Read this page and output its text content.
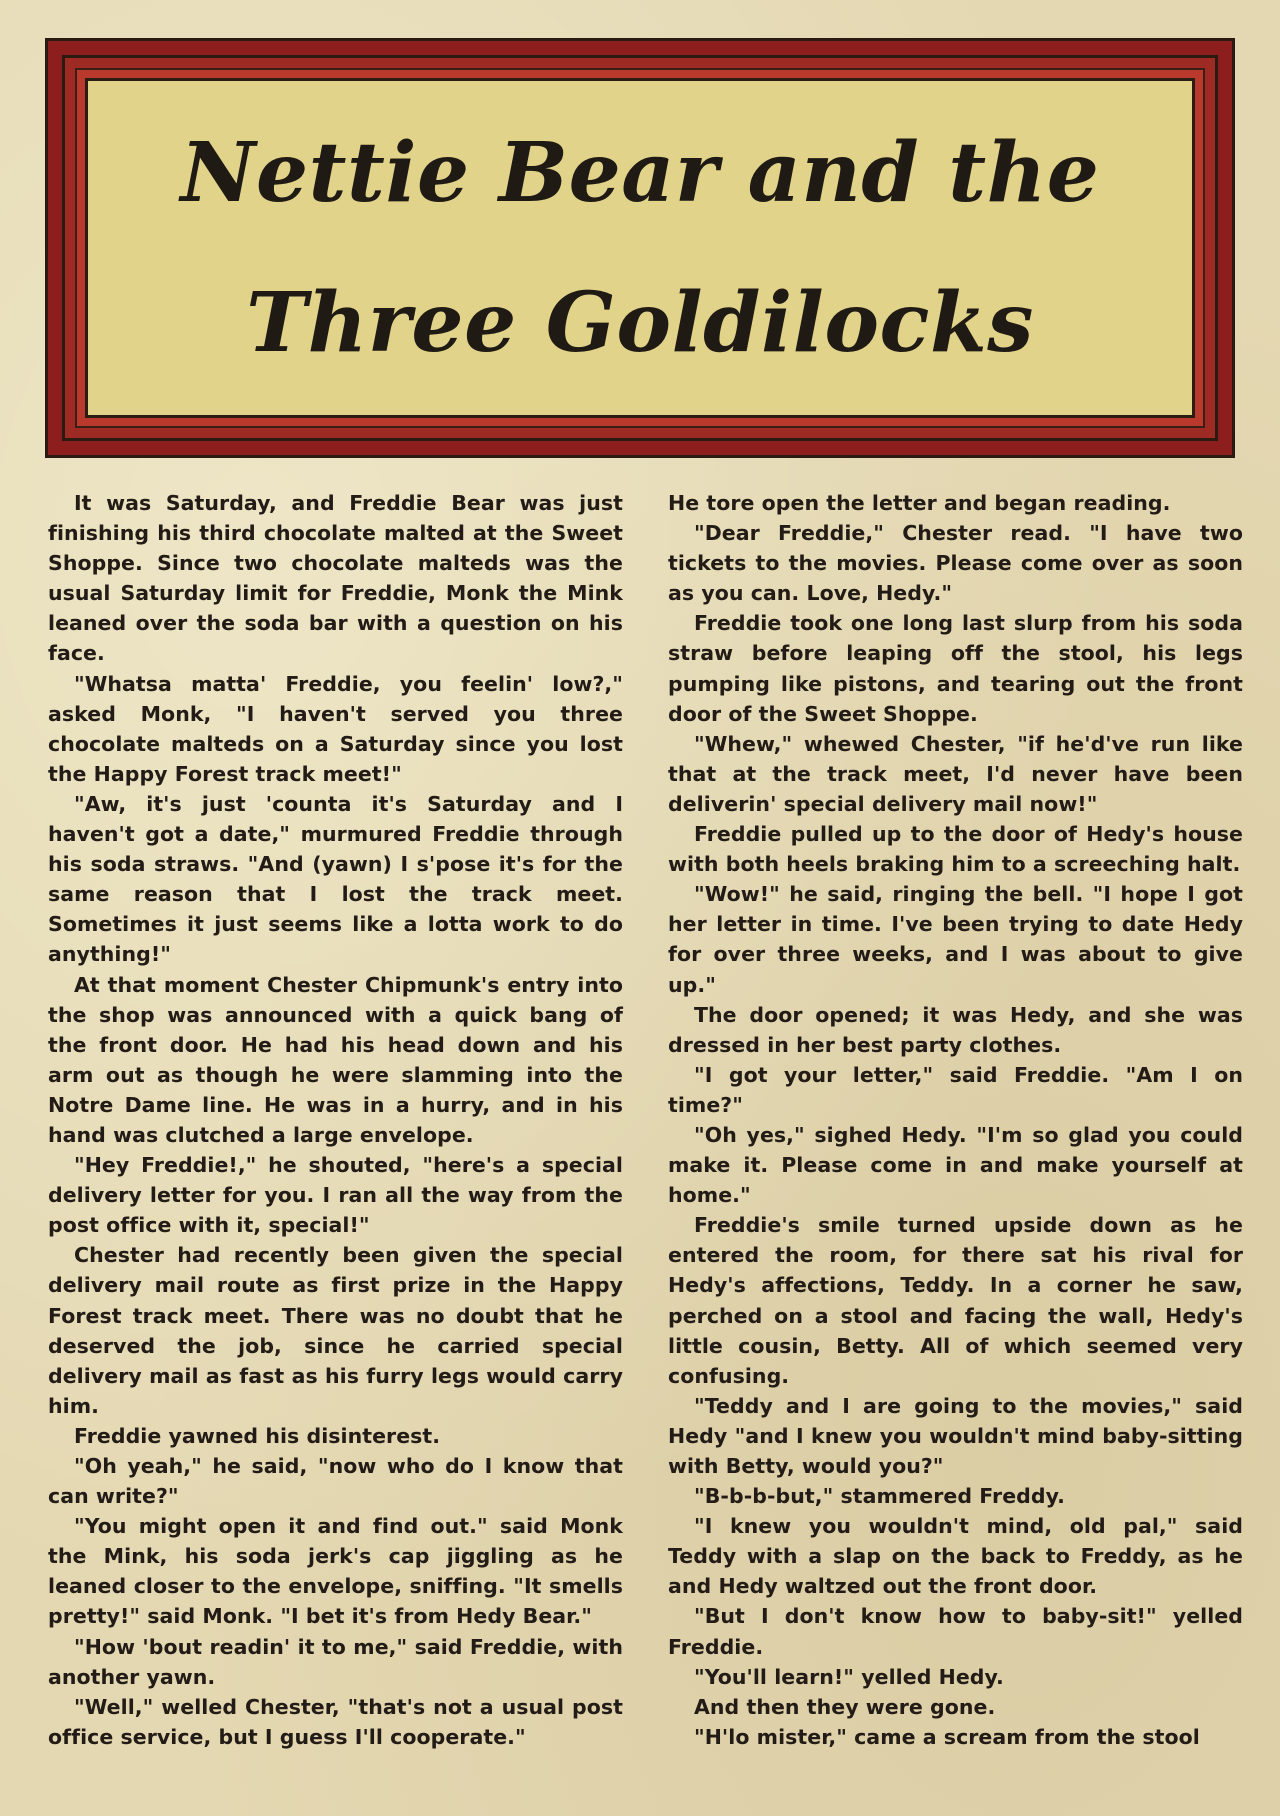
Nettie Bear and the
Three Goldilocks

It was Saturday, and Freddie Bear was just finishing his third chocolate malted at the Sweet Shoppe. Since two chocolate malteds was the usual Saturday limit for Freddie, Monk the Mink leaned over the soda bar with a question on his face.

"Whatsa matta' Freddie, you feelin' low?," asked Monk, "I haven't served you three chocolate malteds on a Saturday since you lost the Happy Forest track meet!"

"Aw, it's just 'counta it's Saturday and I haven't got a date," murmured Freddie through his soda straws. "And (yawn) I s'pose it's for the same reason that I lost the track meet. Sometimes it just seems like a lotta work to do anything!"

At that moment Chester Chipmunk's entry into the shop was announced with a quick bang of the front door. He had his head down and his arm out as though he were slamming into the Notre Dame line. He was in a hurry, and in his hand was clutched a large envelope.

"Hey Freddie!," he shouted, "here's a special delivery letter for you. I ran all the way from the post office with it, special!"

Chester had recently been given the special delivery mail route as first prize in the Happy Forest track meet. There was no doubt that he deserved the job, since he carried special delivery mail as fast as his furry legs would carry him.

Freddie yawned his disinterest.

"Oh yeah," he said, "now who do I know that can write?"

"You might open it and find out." said Monk the Mink, his soda jerk's cap jiggling as he leaned closer to the envelope, sniffing. "It smells pretty!" said Monk. "I bet it's from Hedy Bear."

"How 'bout readin' it to me," said Freddie, with another yawn.

"Well," welled Chester, "that's not a usual post office service, but I guess I'll cooperate."

He tore open the letter and began reading.

"Dear Freddie," Chester read. "I have two tickets to the movies. Please come over as soon as you can. Love, Hedy."

Freddie took one long last slurp from his soda straw before leaping off the stool, his legs pumping like pistons, and tearing out the front door of the Sweet Shoppe.

"Whew," whewed Chester, "if he'd've run like that at the track meet, I'd never have been deliverin' special delivery mail now!"

Freddie pulled up to the door of Hedy's house with both heels braking him to a screeching halt.

"Wow!" he said, ringing the bell. "I hope I got her letter in time. I've been trying to date Hedy for over three weeks, and I was about to give up."

The door opened; it was Hedy, and she was dressed in her best party clothes.

"I got your letter," said Freddie. "Am I on time?"

"Oh yes," sighed Hedy. "I'm so glad you could make it. Please come in and make yourself at home."

Freddie's smile turned upside down as he entered the room, for there sat his rival for Hedy's affections, Teddy. In a corner he saw, perched on a stool and facing the wall, Hedy's little cousin, Betty. All of which seemed very confusing.

"Teddy and I are going to the movies," said Hedy "and I knew you wouldn't mind baby-sitting with Betty, would you?"

"B-b-b-but," stammered Freddy.

"I knew you wouldn't mind, old pal," said Teddy with a slap on the back to Freddy, as he and Hedy waltzed out the front door.

"But I don't know how to baby-sit!" yelled Freddie.

"You'll learn!" yelled Hedy.

And then they were gone.

"H'lo mister," came a scream from the stool
